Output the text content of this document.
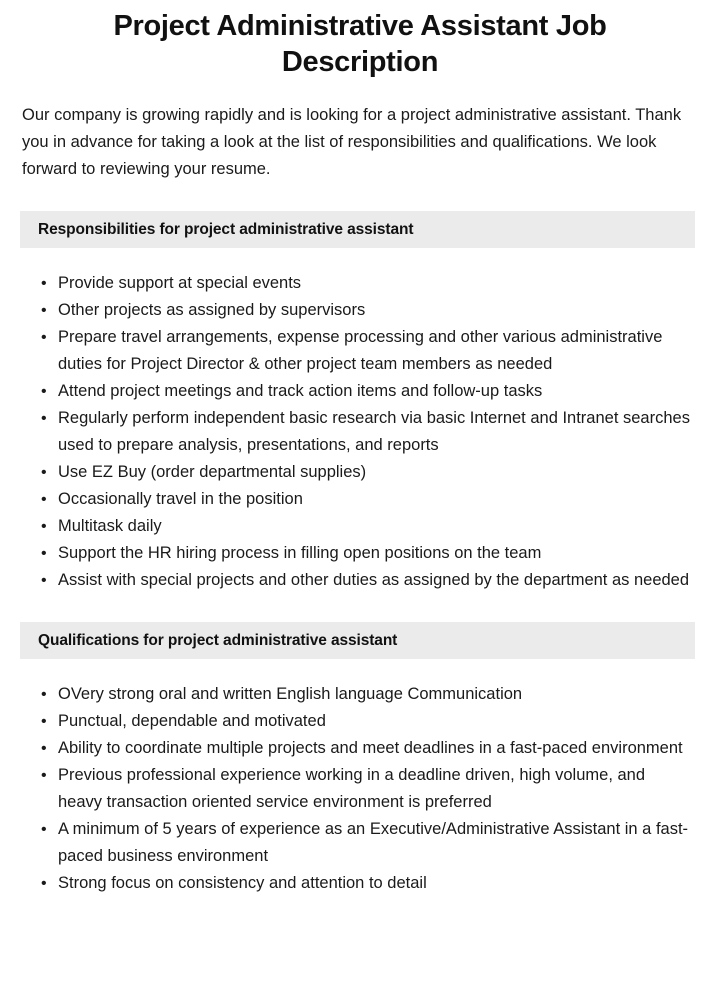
Project Administrative Assistant Job Description

Our company is growing rapidly and is looking for a project administrative assistant. Thank you in advance for taking a look at the list of responsibilities and qualifications. We look forward to reviewing your resume.

Responsibilities for project administrative assistant
• Provide support at special events
• Other projects as assigned by supervisors
• Prepare travel arrangements, expense processing and other various administrative duties for Project Director & other project team members as needed
• Attend project meetings and track action items and follow-up tasks
• Regularly perform independent basic research via basic Internet and Intranet searches used to prepare analysis, presentations, and reports
• Use EZ Buy (order departmental supplies)
• Occasionally travel in the position
• Multitask daily
• Support the HR hiring process in filling open positions on the team
• Assist with special projects and other duties as assigned by the department as needed
Qualifications for project administrative assistant
• OVery strong oral and written English language Communication
• Punctual, dependable and motivated
• Ability to coordinate multiple projects and meet deadlines in a fast-paced environment
• Previous professional experience working in a deadline driven, high volume, and heavy transaction oriented service environment is preferred
• A minimum of 5 years of experience as an Executive/Administrative Assistant in a fast-paced business environment
• Strong focus on consistency and attention to detail
